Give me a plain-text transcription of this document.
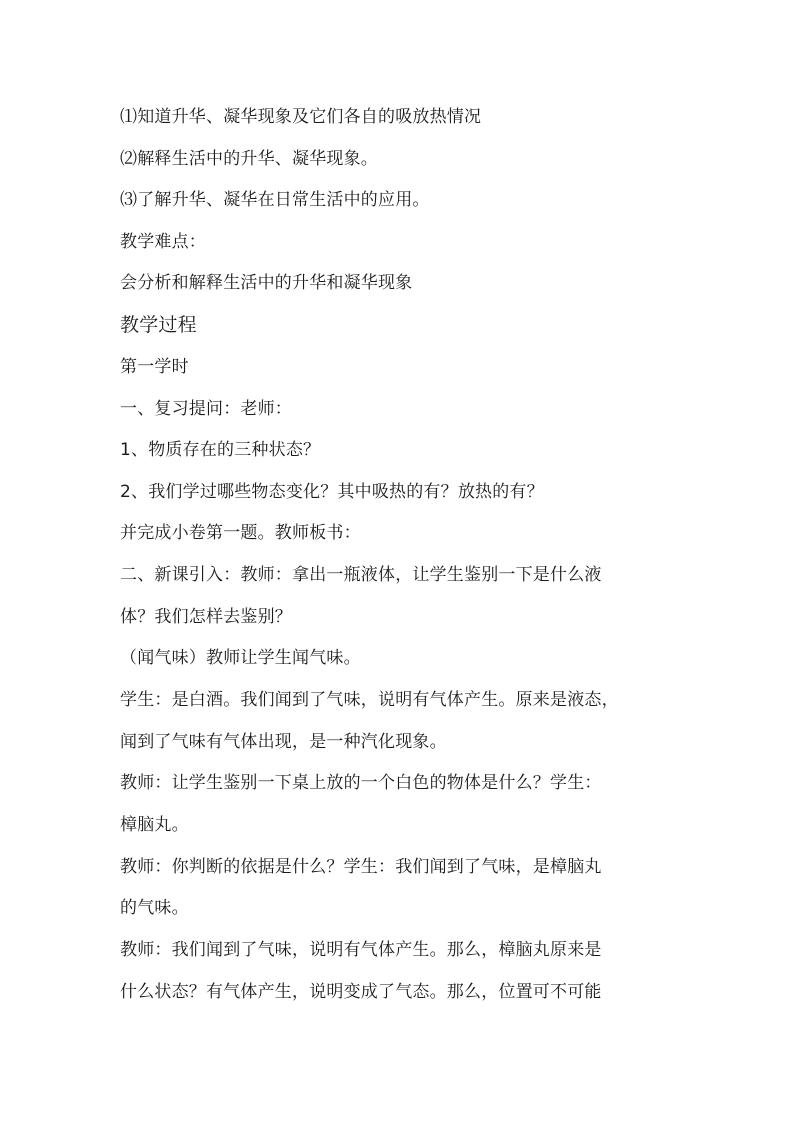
⑴知道升华、凝华现象及它们各自的吸放热情况
⑵解释生活中的升华、凝华现象。
⑶了解升华、凝华在日常生活中的应用。
教学难点：
会分析和解释生活中的升华和凝华现象
教学过程
第一学时
一、复习提问：老师：
1、物质存在的三种状态？
2、我们学过哪些物态变化？其中吸热的有？放热的有？
并完成小卷第一题。教师板书：
二、新课引入：教师：拿出一瓶液体，让学生鉴别一下是什么液
体？我们怎样去鉴别？
（闻气味）教师让学生闻气味。
学生：是白酒。我们闻到了气味，说明有气体产生。原来是液态，
闻到了气味有气体出现，是一种汽化现象。
教师：让学生鉴别一下桌上放的一个白色的物体是什么？学生：
樟脑丸。
教师：你判断的依据是什么？学生：我们闻到了气味，是樟脑丸
的气味。
教师：我们闻到了气味，说明有气体产生。那么，樟脑丸原来是
什么状态？有气体产生，说明变成了气态。那么，位置可不可能
